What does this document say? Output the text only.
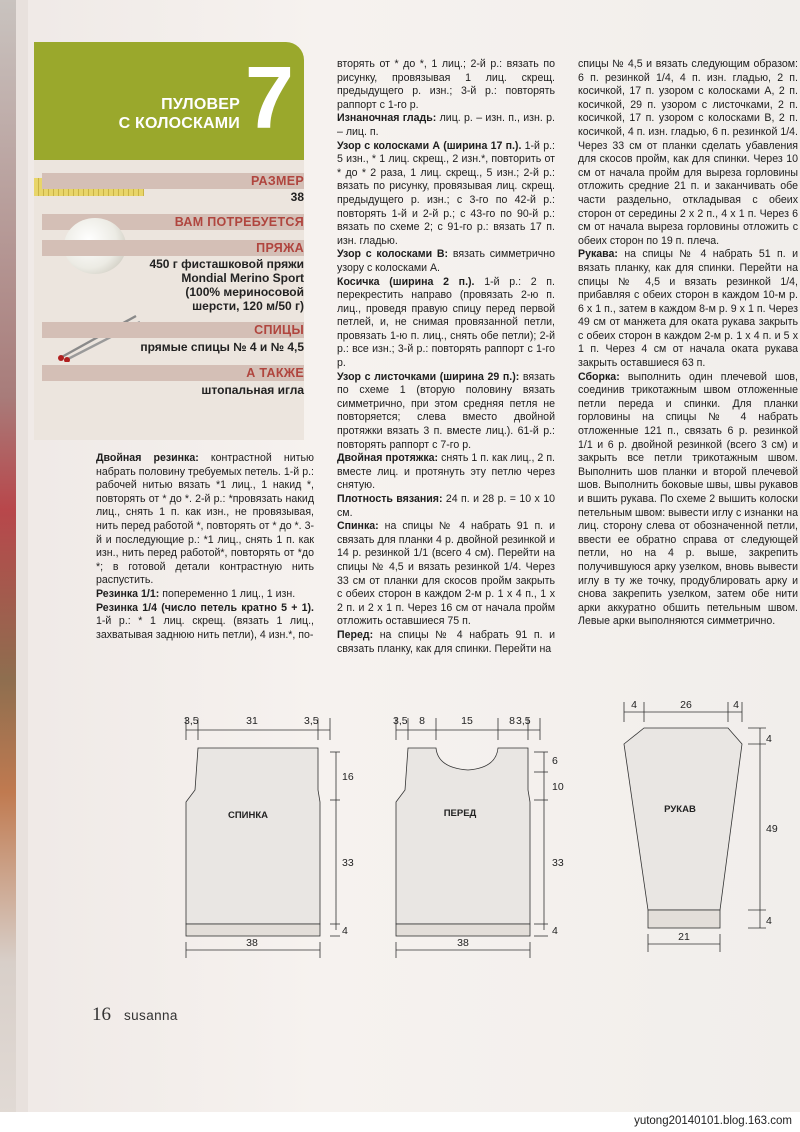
ПУЛОВЕР
С КОЛОСКАМИ 7
РАЗМЕР
38
ВАМ ПОТРЕБУЕТСЯ
ПРЯЖА
450 г фисташковой пряжи
Mondial Merino Sport
(100% мериносовой
шерсти, 120 м/50 г)
СПИЦЫ
прямые спицы № 4 и № 4,5
А ТАКЖЕ
штопальная игла

Двойная резинка: контрастной нитью набрать половину требуемых петель. 1-й р.: рабочей нитью вязать *1 лиц., 1 накид *, повторять от * до *. 2-й р.: *провязать накид лиц., снять 1 п. как изн., не провязывая, нить перед работой *, повторять от * до *. 3-й и последующие р.: *1 лиц., снять 1 п. как изн., нить перед работой*, повторять от *до *; в готовой детали контрастную нить распустить.

Резинка 1/1: попеременно 1 лиц., 1 изн.

Резинка 1/4 (число петель кратно 5 + 1). 1-й р.: * 1 лиц. скрещ. (вязать 1 лиц., захватывая заднюю нить петли), 4 изн.*, по-

вторять от * до *, 1 лиц.; 2-й р.: вязать по рисунку, провязывая 1 лиц. скрещ. предыдущего р. изн.; 3-й р.: повторять раппорт с 1-го р.

Изнаночная гладь: лиц. р. – изн. п., изн. р. – лиц. п.

Узор с колосками А (ширина 17 п.). 1-й р.: 5 изн., * 1 лиц. скрещ., 2 изн.*, повторить от * до * 2 раза, 1 лиц. скрещ., 5 изн.; 2-й р.: вязать по рисунку, провязывая лиц. скрещ. предыдущего р. изн.; с 3-го по 42-й р.: повторять 1-й и 2-й р.; с 43-го по 90-й р.: вязать по схеме 2; с 91-го р.: вязать 17 п. изн. гладью.

Узор с колосками В: вязать симметрично узору с колосками А.

Косичка (ширина 2 п.). 1-й р.: 2 п. перекрестить направо (провязать 2-ю п. лиц., проведя правую спицу перед первой петлей, и, не снимая провязанной петли, провязать 1-ю п. лиц., снять обе петли); 2-й р.: все изн.; 3-й р.: повторять раппорт с 1-го р.

Узор с листочками (ширина 29 п.): вязать по схеме 1 (вторую половину вязать симметрично, при этом средняя петля не повторяется; слева вместо двойной протяжки вязать 3 п. вместе лиц.). 61-й р.: повторять раппорт с 7-го р.

Двойная протяжка: снять 1 п. как лиц., 2 п. вместе лиц. и протянуть эту петлю через снятую.

Плотность вязания: 24 п. и 28 р. = 10 х 10 см.

Спинка: на спицы № 4 набрать 91 п. и связать для планки 4 р. двойной резинкой и 14 р. резинкой 1/1 (всего 4 см). Перейти на спицы № 4,5 и вязать резинкой 1/4. Через 33 см от планки для скосов пройм закрыть с обеих сторон в каждом 2-м р. 1 х 4 п., 1 х 2 п. и 2 х 1 п. Через 16 см от начала пройм отложить оставшиеся 75 п.

Перед: на спицы № 4 набрать 91 п. и связать планку, как для спинки. Перейти на

спицы № 4,5 и вязать следующим образом: 6 п. резинкой 1/4, 4 п. изн. гладью, 2 п. косичкой, 17 п. узором с колосками А, 2 п. косичкой, 29 п. узором с листочками, 2 п. косичкой, 17 п. узором с колосками В, 2 п. косичкой, 4 п. изн. гладью, 6 п. резинкой 1/4. Через 33 см от планки сделать убавления для скосов пройм, как для спинки. Через 10 см от начала пройм для выреза горловины отложить средние 21 п. и заканчивать обе части раздельно, откладывая с обеих сторон от середины 2 х 2 п., 4 х 1 п. Через 6 см от начала выреза горловины отложить с обеих сторон по 19 п. плеча.

Рукава: на спицы № 4 набрать 51 п. и вязать планку, как для спинки. Перейти на спицы № 4,5 и вязать резинкой 1/4, прибавляя с обеих сторон в каждом 10-м р. 6 х 1 п., затем в каждом 8-м р. 9 х 1 п. Через 49 см от манжета для оката рукава закрыть с обеих сторон в каждом 2-м р. 1 х 4 п. и 5 х 1 п. Через 4 см от начала оката рукава закрыть оставшиеся 63 п.

Сборка: выполнить один плечевой шов, соединив трикотажным швом отложенные петли переда и спинки. Для планки горловины на спицы № 4 набрать отложенные 121 п., связать 6 р. резинкой 1/1 и 6 р. двойной резинкой (всего 3 см) и закрыть все петли трикотажным швом. Выполнить шов планки и второй плечевой шов. Выполнить боковые швы, швы рукавов и вшить рукава. По схеме 2 вышить колоски петельным швом: вывести иглу с изнанки на лиц. сторону слева от обозначенной петли, ввести ее обратно справа от следующей петли, но на 4 р. выше, закрепить получившуюся арку узелком, вновь вывести иглу в ту же точку, продублировать арку и снова закрепить узелком, затем обе нити арки аккуратно обшить петельным швом. Левые арки выполняются симметрично.

СПИНКА
3,5	31	3,5
16
33
4
38
ПЕРЕД
3,5 8	15	8 3,5
6
10
33
4
38
РУКАВ
4	26	4
4
49
4
21
16 susanna
yutong20140101.blog.163.com
